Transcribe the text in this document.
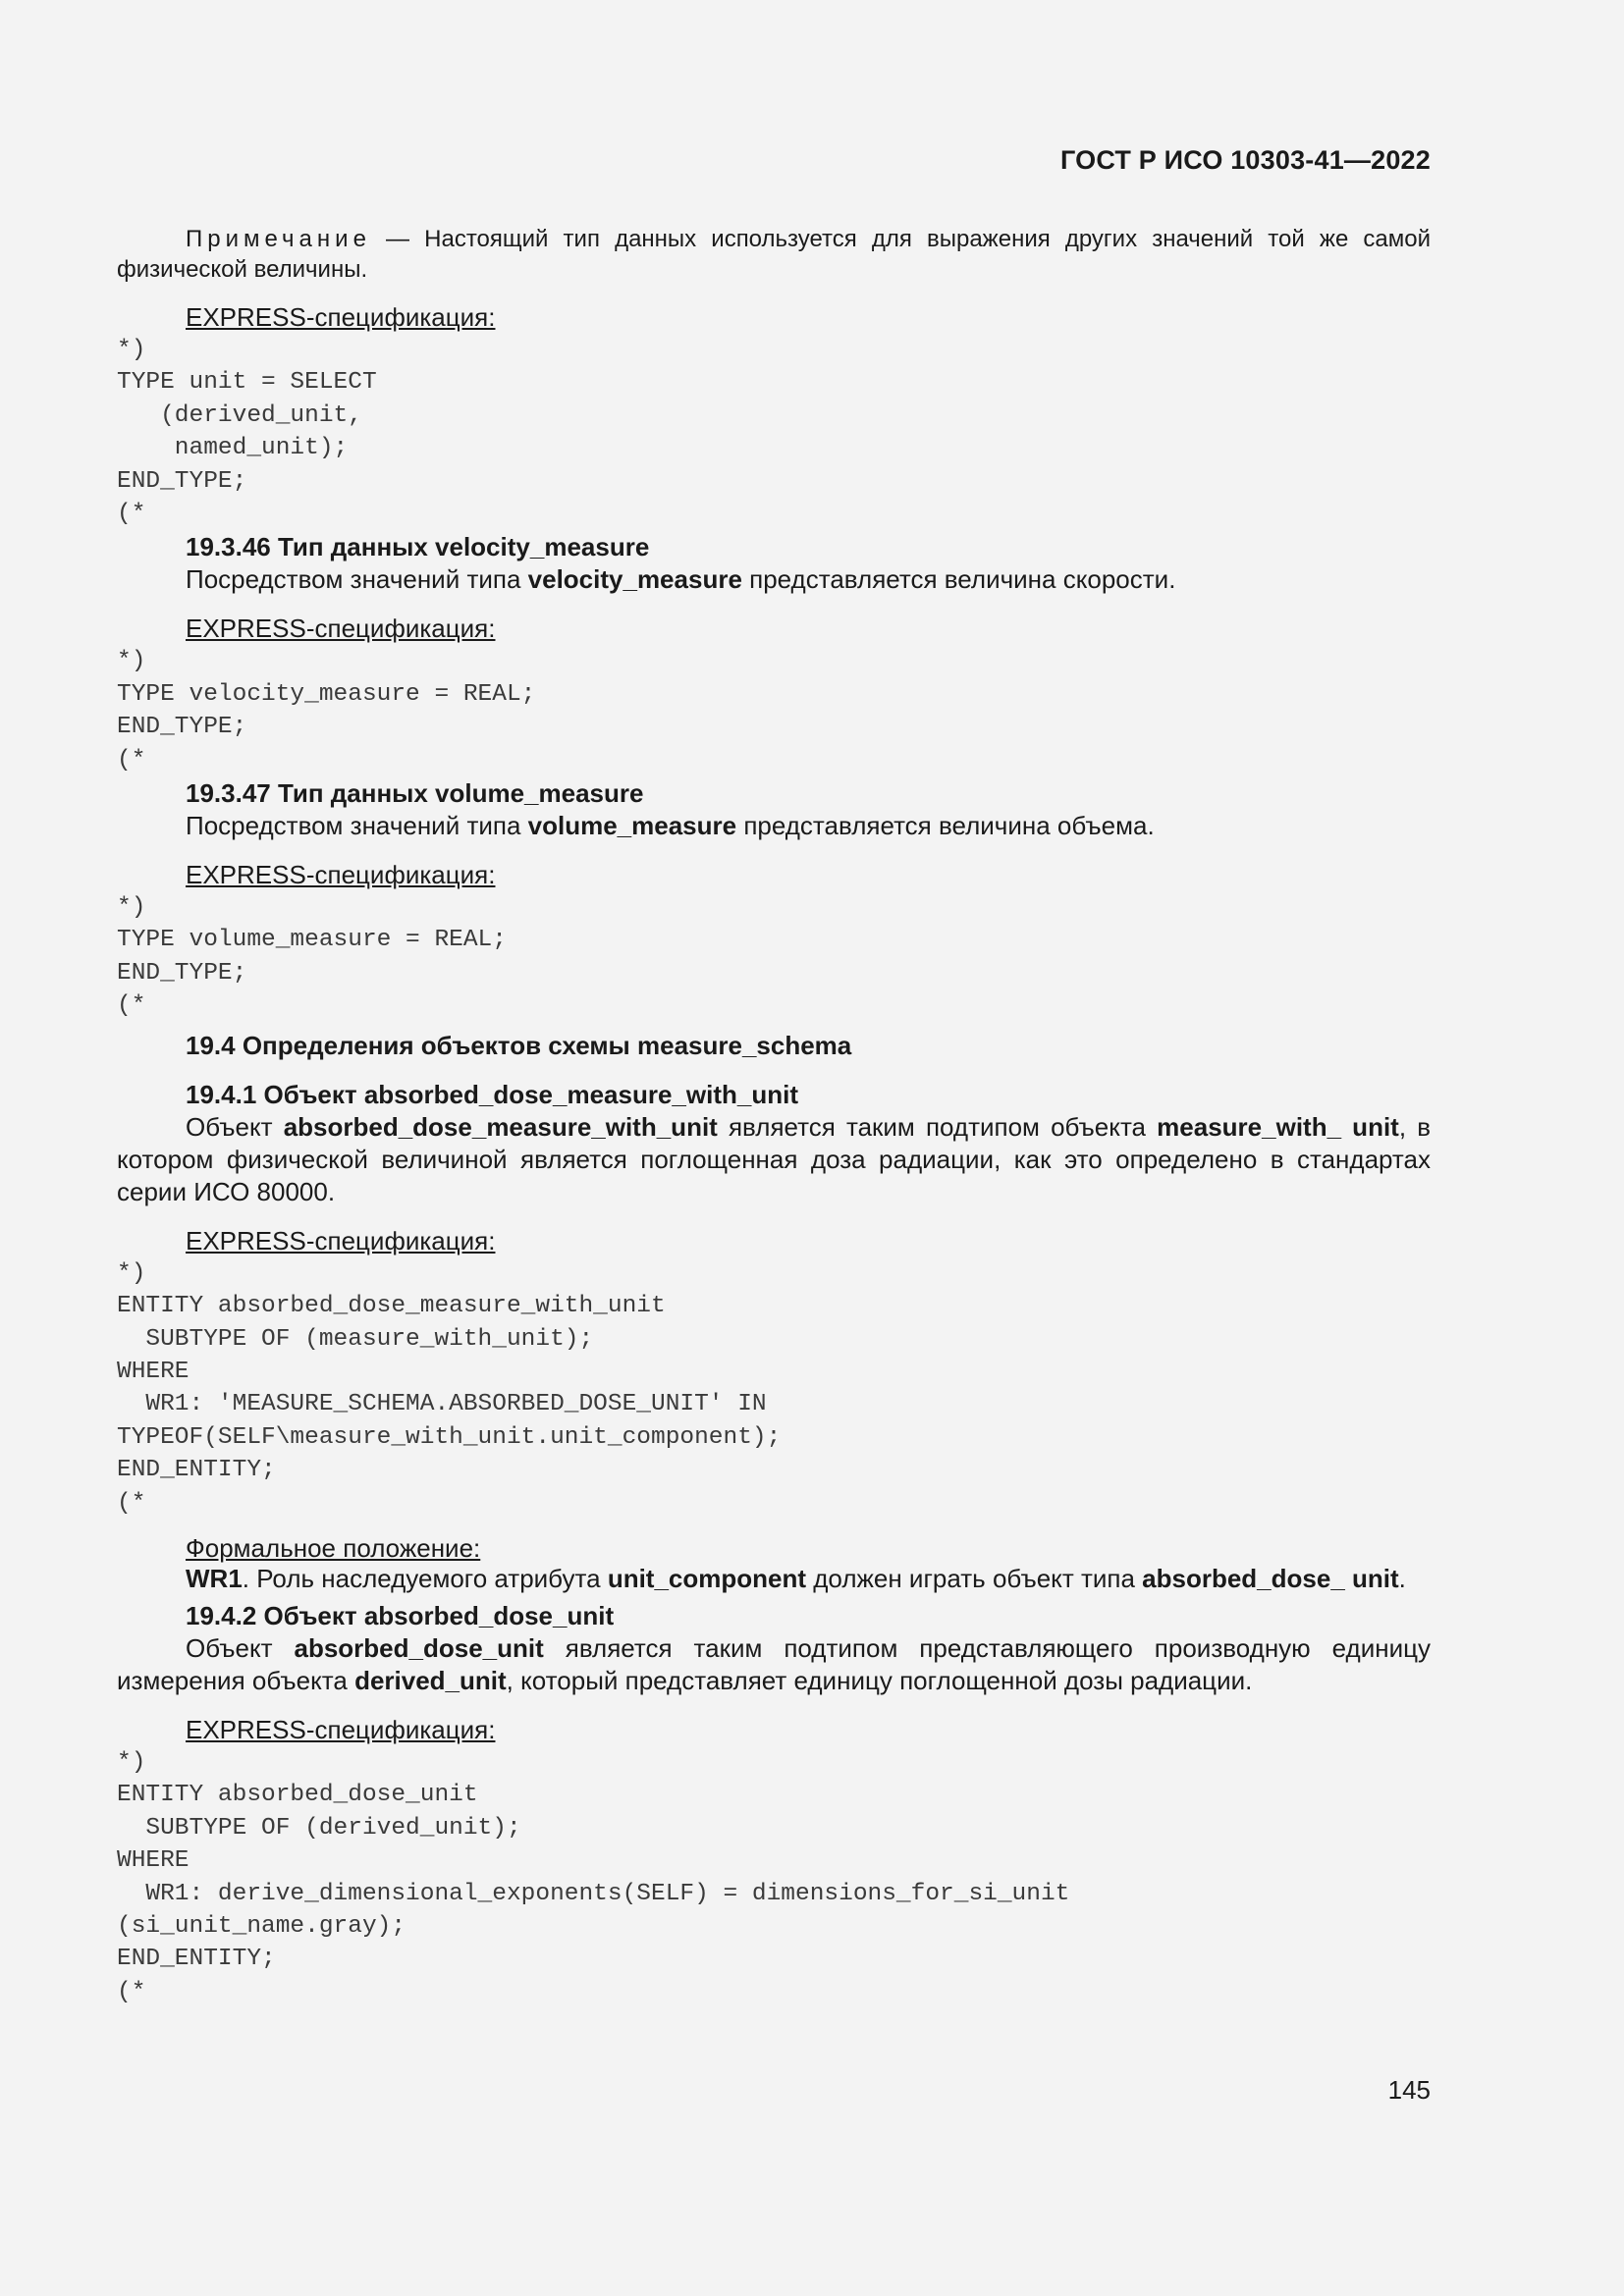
ГОСТ Р ИСО 10303-41—2022

Примечание — Настоящий тип данных используется для выражения других значений той же самой физической величины.

EXPRESS-спецификация:
*)
TYPE unit = SELECT
(derived_unit,
named_unit);
END_TYPE;
(*
19.3.46 Тип данных velocity_measure

Посредством значений типа velocity_measure представляется величина скорости.

EXPRESS-спецификация:
*)
TYPE velocity_measure = REAL;
END_TYPE;
(*
19.3.47 Тип данных volume_measure

Посредством значений типа volume_measure представляется величина объема.

EXPRESS-спецификация:
*)
TYPE volume_measure = REAL;
END_TYPE;
(*
19.4 Определения объектов схемы measure_schema
19.4.1 Объект absorbed_dose_measure_with_unit

Объект absorbed_dose_measure_with_unit является таким подтипом объекта measure_with_ unit, в котором физической величиной является поглощенная доза радиации, как это определено в стандартах серии ИСО 80000.

EXPRESS-спецификация:
*)
ENTITY absorbed_dose_measure_with_unit
SUBTYPE OF (measure_with_unit);
WHERE
WR1: 'MEASURE_SCHEMA.ABSORBED_DOSE_UNIT' IN
TYPEOF(SELF\measure_with_unit.unit_component);
END_ENTITY;
(*
Формальное положение:

WR1. Роль наследуемого атрибута unit_component должен играть объект типа absorbed_dose_ unit.

19.4.2 Объект absorbed_dose_unit

Объект absorbed_dose_unit является таким подтипом представляющего производную единицу измерения объекта derived_unit, который представляет единицу поглощенной дозы радиации.

EXPRESS-спецификация:
*)
ENTITY absorbed_dose_unit
SUBTYPE OF (derived_unit);
WHERE
WR1: derive_dimensional_exponents(SELF) = dimensions_for_si_unit
(si_unit_name.gray);
END_ENTITY;
(*
145
